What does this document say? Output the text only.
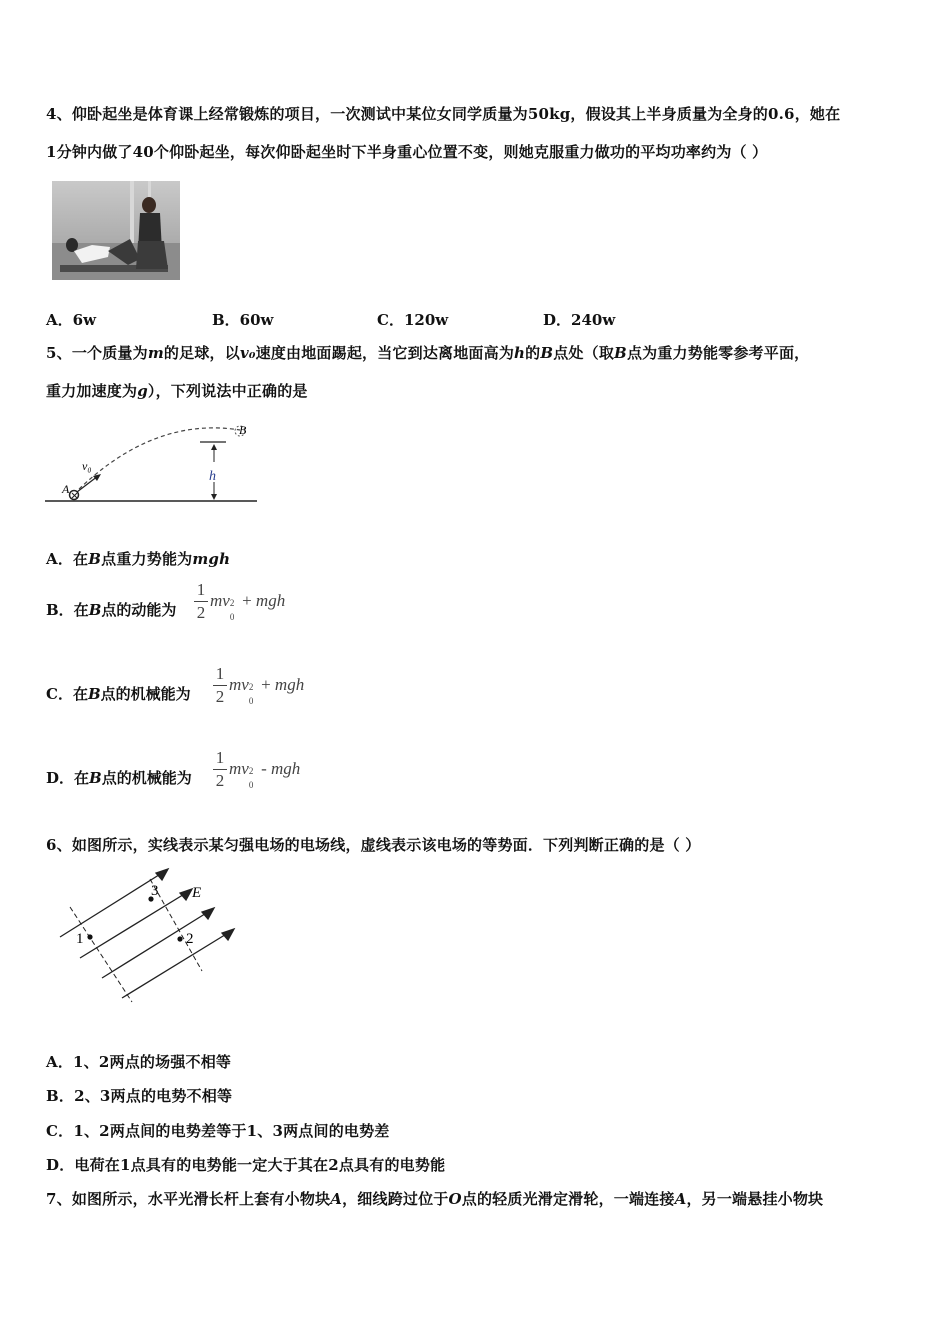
4、仰卧起坐是体育课上经常锻炼的项目，一次测试中某位女同学质量为50kg，假设其上半身质量为全身的0.6，她在
1分钟内做了40个仰卧起坐，每次仰卧起坐时下半身重心位置不变，则她克服重力做功的平均功率约为（ ）
A．6w	B．60w	C．120w	D．240w
5、一个质量为m的足球，以v₀速度由地面踢起，当它到达离地面高为h的B点处（取B点为重力势能零参考平面，
重力加速度为g），下列说法中正确的是
A
v₀
B
h
A．在B点重力势能为mgh
B．在B点的动能为
1
2
mv 2
0
+ mgh
C．在B点的机械能为
1
2
mv 2
0
+ mgh
D．在B点的机械能为
1
2
mv 2
0
- mgh
6、如图所示，实线表示某匀强电场的电场线，虚线表示该电场的等势面．下列判断正确的是（ ）
1	2
3 E
A．1、2两点的场强不相等
B．2、3两点的电势不相等
C．1、2两点间的电势差等于1、3两点间的电势差
D．电荷在1点具有的电势能一定大于其在2点具有的电势能
7、如图所示，水平光滑长杆上套有小物块A，细线跨过位于O点的轻质光滑定滑轮，一端连接A，另一端悬挂小物块
